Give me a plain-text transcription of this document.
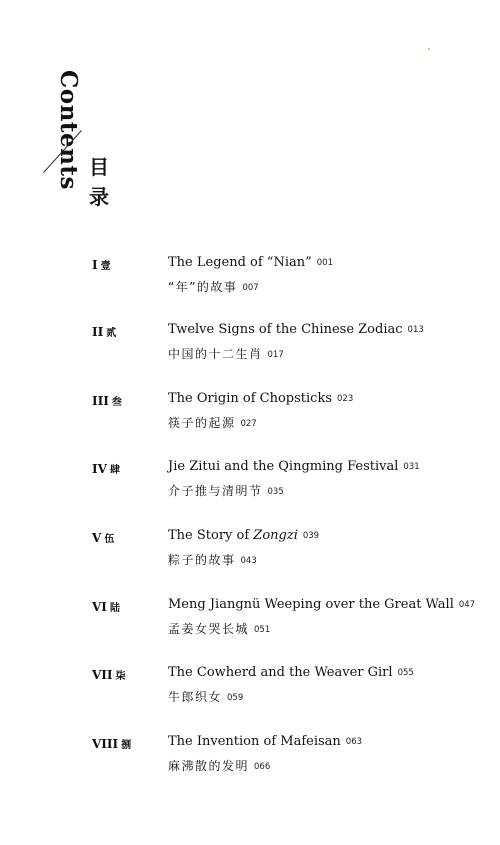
Contents 目
录
I 壹	The Legend of “Nian” 001
“年”的故事 007
II 贰	Twelve Signs of the Chinese Zodiac 013
中国的十二生肖 017
III 叁	The Origin of Chopsticks 023
筷子的起源 027
IV 肆	Jie Zitui and the Qingming Festival 031
介子推与清明节 035
V 伍	The Story of Zongzi 039
粽子的故事 043
VI 陆	Meng Jiangnü Weeping over the Great Wall 047
孟姜女哭长城 051
VII 柒	The Cowherd and the Weaver Girl 055
牛郎织女 059
VIII 捌	The Invention of Mafeisan 063
麻沸散的发明 066
